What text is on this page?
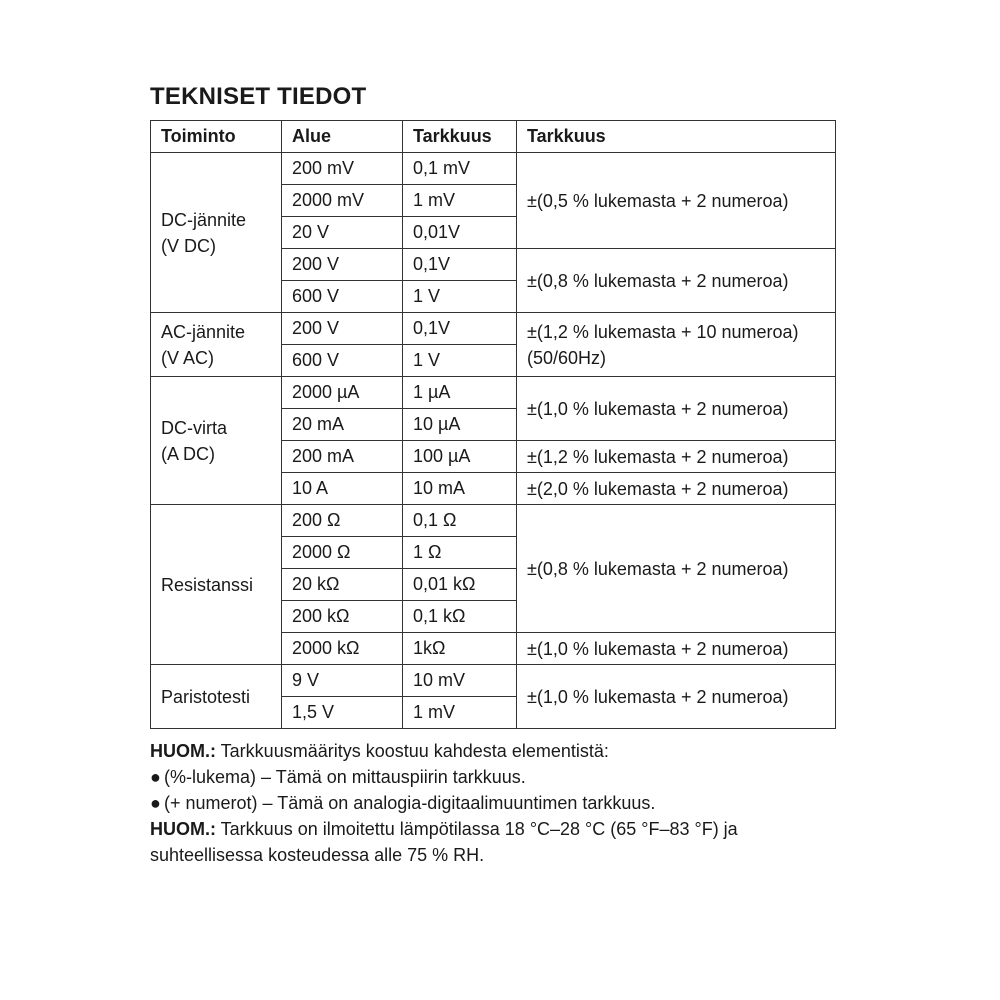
TEKNISET TIEDOT
Toiminto	Alue	Tarkkuus	Tarkkuus
DC-jännite
(V DC)	200 mV	0,1 mV	±(0,5 % lukemasta + 2 numeroa)
	2000 mV	1 mV	
	20 V	0,01V	
	200 V	0,1V	±(0,8 % lukemasta + 2 numeroa)
	600 V	1 V	
AC-jännite
(V AC)	200 V	0,1V	±(1,2 % lukemasta + 10 numeroa)
(50/60Hz)
	600 V	1 V	
DC-virta
(A DC)	2000 µA	1 µA	±(1,0 % lukemasta + 2 numeroa)
	20 mA	10 µA	
	200 mA	100 µA	±(1,2 % lukemasta + 2 numeroa)
	10 A	10 mA	±(2,0 % lukemasta + 2 numeroa)
Resistanssi	200 Ω	0,1 Ω	±(0,8 % lukemasta + 2 numeroa)
	2000 Ω	1 Ω	
	20 kΩ	0,01 kΩ	
	200 kΩ	0,1 kΩ	
	2000 kΩ	1kΩ	±(1,0 % lukemasta + 2 numeroa)
Paristotesti	9 V	10 mV	±(1,0 % lukemasta + 2 numeroa)
	1,5 V	1 mV	
HUOM.: Tarkkuusmääritys koostuu kahdesta elementistä:
● (%-lukema) – Tämä on mittauspiirin tarkkuus.
● (+ numerot) – Tämä on analogia-digitaalimuuntimen tarkkuus.
HUOM.: Tarkkuus on ilmoitettu lämpötilassa 18 °C–28 °C (65 °F–83 °F) ja
suhteellisessa kosteudessa alle 75 % RH.
